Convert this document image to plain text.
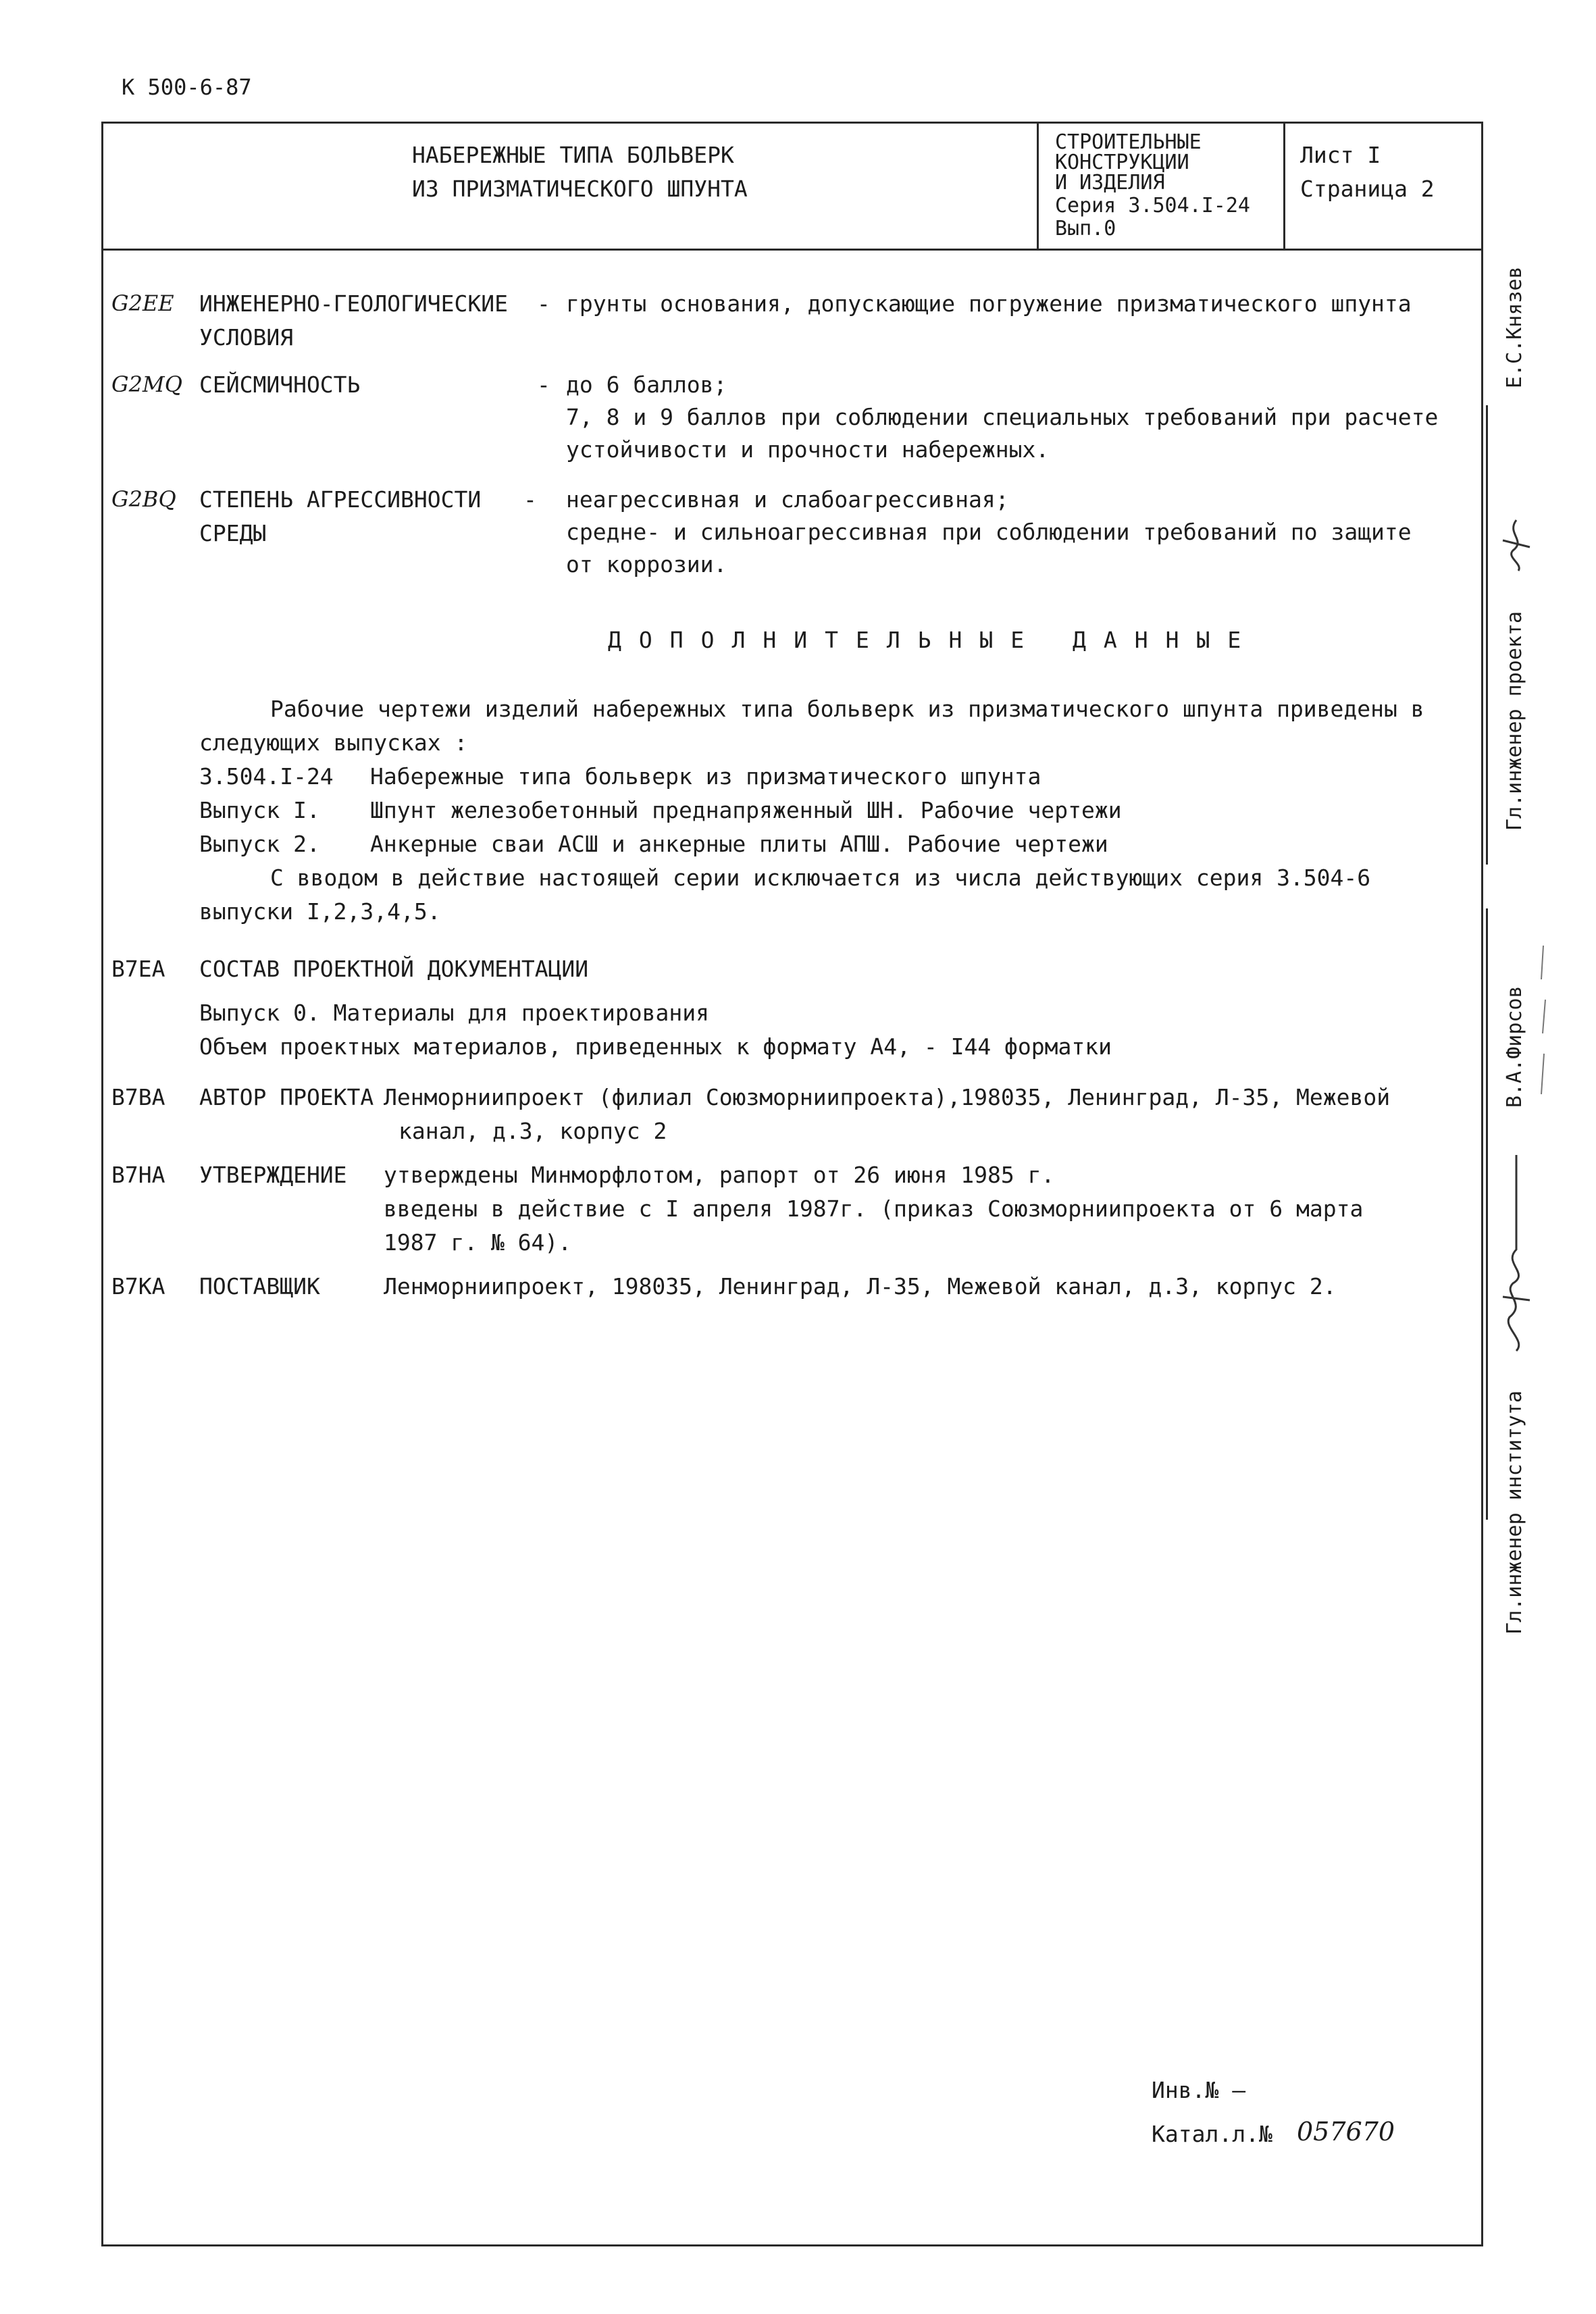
К 500-6-87
НАБЕРЕЖНЫЕ ТИПА БОЛЬВЕРК
ИЗ ПРИЗМАТИЧЕСКОГО ШПУНТА
СТРОИТЕЛЬНЫЕ
КОНСТРУКЦИИ
И ИЗДЕЛИЯ
Серия 3.504.I-24
Вып.0
Лист I
Страница 2
G2EE ИНЖЕНЕРНО-ГЕОЛОГИЧЕСКИЕ
УСЛОВИЯ
- грунты основания, допускающие погружение призматического шпунта
G2MQ СЕЙСМИЧНОСТЬ	- до 6 баллов;
7, 8 и 9 баллов при соблюдении специальных требований при расчете
устойчивости и прочности набережных.
G2BQ СТЕПЕНЬ АГРЕССИВНОСТИ
СРЕДЫ
- неагрессивная и слабоагрессивная;
средне- и сильноагрессивная при соблюдении требований по защите
от коррозии.
ДОПОЛНИТЕЛЬНЫЕ ДАННЫЕ
Рабочие чертежи изделий набережных типа больверк из призматического шпунта приведены в
следующих выпусках :
3.504.I-24 Набережные типа больверк из призматического шпунта
Выпуск I. Шпунт железобетонный преднапряженный ШН. Рабочие чертежи
Выпуск 2. Анкерные сваи АСШ и анкерные плиты АПШ. Рабочие чертежи
С вводом в действие настоящей серии исключается из числа действующих серия 3.504-6
выпуски I,2,3,4,5.
B7EA СОСТАВ ПРОЕКТНОЙ ДОКУМЕНТАЦИИ
Выпуск 0. Материалы для проектирования
Объем проектных материалов, приведенных к формату А4, - I44 форматки
B7BA АВТОР ПРОЕКТА Ленморниипроект (филиал Союзморниипроекта),198035, Ленинград, Л-35, Межевой
канал, д.3, корпус 2
B7HA УТВЕРЖДЕНИЕ утверждены Минморфлотом, рапорт от 26 июня 1985 г.
введены в действие с I апреля 1987г. (приказ Союзморниипроекта от 6 марта
1987 г. № 64).
B7KA ПОСТАВЩИК	Ленморниипроект, 198035, Ленинград, Л-35, Межевой канал, д.3, корпус 2.
Инв.№ —
Катал.л.№ 057670
Е.С.Князев
Гл.инженер проекта
В.А.Фирсов
Гл.инженер института
